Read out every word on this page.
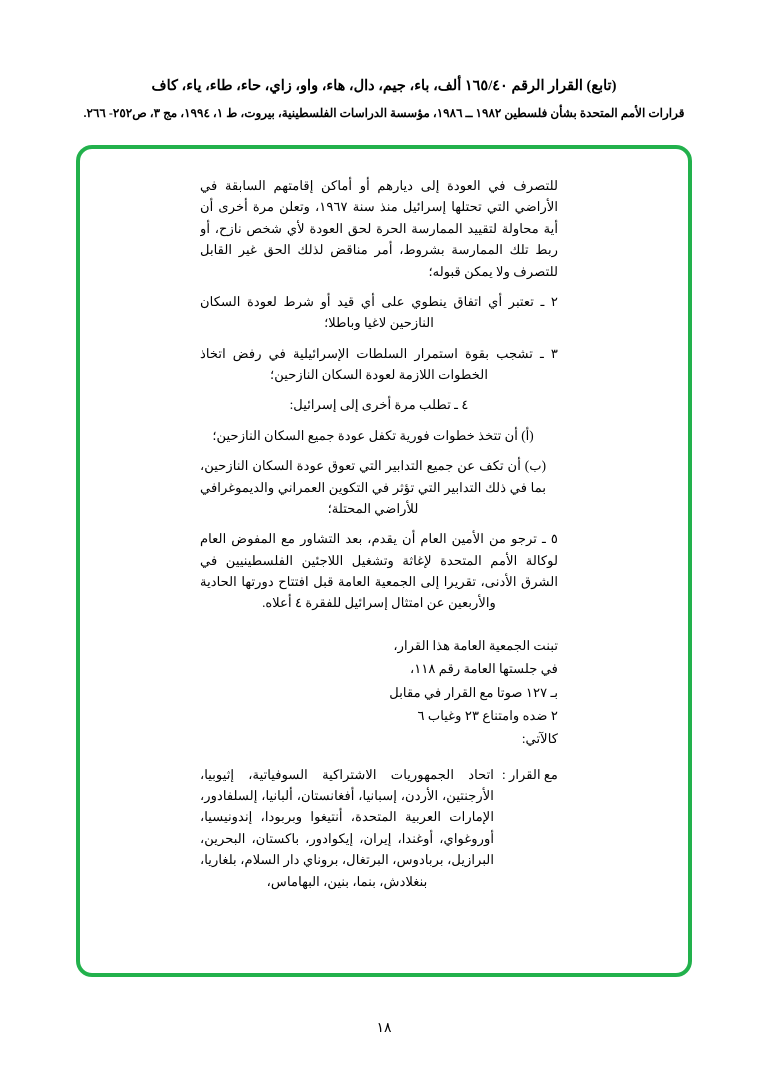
(تابع) القرار الرقم ١٦٥/٤٠ ألف، باء، جيم، دال، هاء، واو، زاي، حاء، طاء، ياء، كاف
قرارات الأمم المتحدة بشأن فلسطين ١٩٨٢ ــ ١٩٨٦، مؤسسة الدراسات الفلسطينية، بيروت، ط ١، ١٩٩٤، مج ٣، ص٢٥٢- ٢٦٦.

للتصرف في العودة إلى ديارهم أو أماكن إقامتهم السابقة في الأراضي التي تحتلها إسرائيل منذ سنة ١٩٦٧، وتعلن مرة أخرى أن أية محاولة لتقييد الممارسة الحرة لحق العودة لأي شخص نازح، أو ربط تلك الممارسة بشروط، أمر مناقض لذلك الحق غير القابل للتصرف ولا يمكن قبوله؛

٢ ـ تعتبر أي اتفاق ينطوي على أي قيد أو شرط لعودة السكان النازحين لاغيا وباطلا؛

٣ ـ تشجب بقوة استمرار السلطات الإسرائيلية في رفض اتخاذ الخطوات اللازمة لعودة السكان النازحين؛

٤ ـ تطلب مرة أخرى إلى إسرائيل:

(أ) أن تتخذ خطوات فورية تكفل عودة جميع السكان النازحين؛

(ب) أن تكف عن جميع التدابير التي تعوق عودة السكان النازحين، بما في ذلك التدابير التي تؤثر في التكوين العمراني والديموغرافي للأراضي المحتلة؛

٥ ـ ترجو من الأمين العام أن يقدم، بعد التشاور مع المفوض العام لوكالة الأمم المتحدة لإغاثة وتشغيل اللاجئين الفلسطينيين في الشرق الأدنى، تقريرا إلى الجمعية العامة قبل افتتاح دورتها الحادية والأربعين عن امتثال إسرائيل للفقرة ٤ أعلاه.

تبنت الجمعية العامة هذا القرار،

في جلستها العامة رقم ١١٨،

بـ ١٢٧ صوتا مع القرار في مقابل

٢ ضده وامتناع ٢٣ وغياب ٦

كالآتي:

مع القرار :
اتحاد الجمهوريات الاشتراكية السوفياتية، إثيوبيا، الأرجنتين، الأردن، إسبانيا، أفغانستان، ألبانيا، إلسلفادور، الإمارات العربية المتحدة، أنتيغوا وبربودا، إندونيسيا، أوروغواي، أوغندا، إيران، إيكوادور، باكستان، البحرين، البرازيل، بربادوس، البرتغال، بروناي دار السلام، بلغاريا، بنغلادش، بنما، بنين، البهاماس،
١٨
